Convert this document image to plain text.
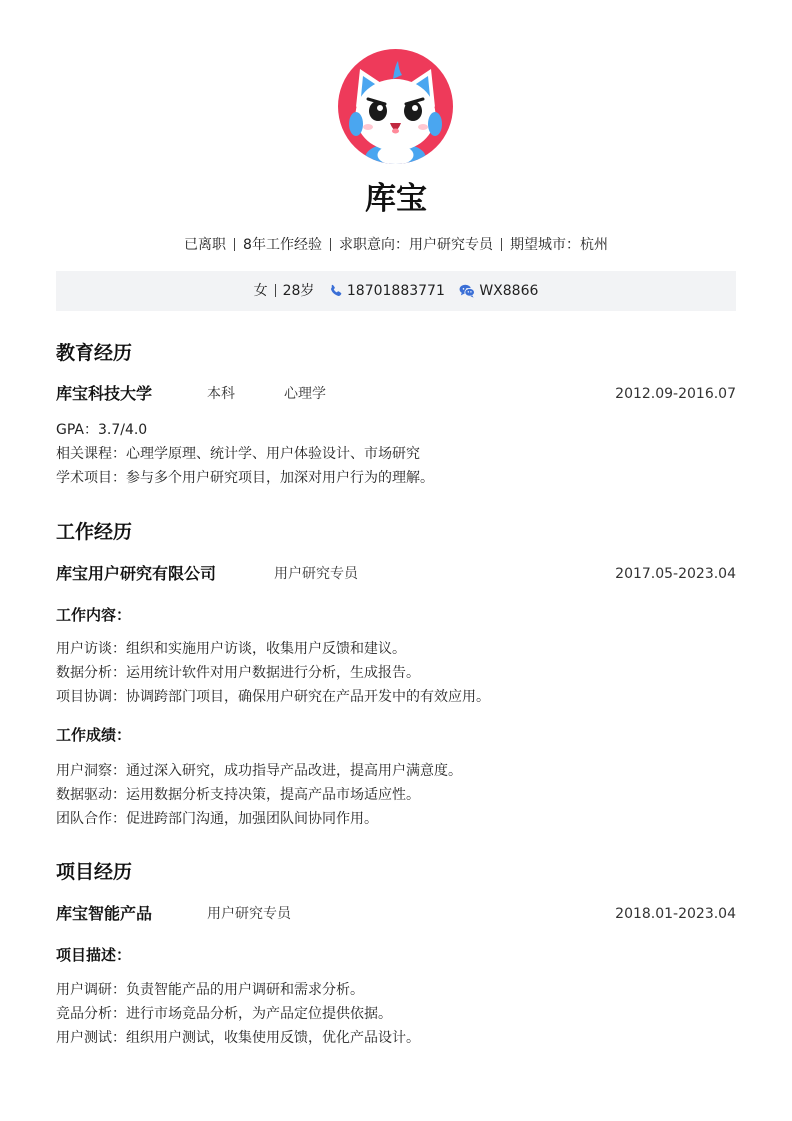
库宝
已离职 8年工作经验 求职意向：用户研究专员 期望城市：杭州
女 28岁 18701883771 WX8866
教育经历
库宝科技大学	本科	心理学	2012.09-2016.07
GPA：3.7/4.0
相关课程：心理学原理、统计学、用户体验设计、市场研究
学术项目：参与多个用户研究项目，加深对用户行为的理解。
工作经历
库宝用户研究有限公司	用户研究专员	2017.05-2023.04
工作内容：
用户访谈：组织和实施用户访谈，收集用户反馈和建议。
数据分析：运用统计软件对用户数据进行分析，生成报告。
项目协调：协调跨部门项目，确保用户研究在产品开发中的有效应用。
工作成绩：
用户洞察：通过深入研究，成功指导产品改进，提高用户满意度。
数据驱动：运用数据分析支持决策，提高产品市场适应性。
团队合作：促进跨部门沟通，加强团队间协同作用。
项目经历
库宝智能产品	用户研究专员	2018.01-2023.04
项目描述：
用户调研：负责智能产品的用户调研和需求分析。
竞品分析：进行市场竞品分析，为产品定位提供依据。
用户测试：组织用户测试，收集使用反馈，优化产品设计。
